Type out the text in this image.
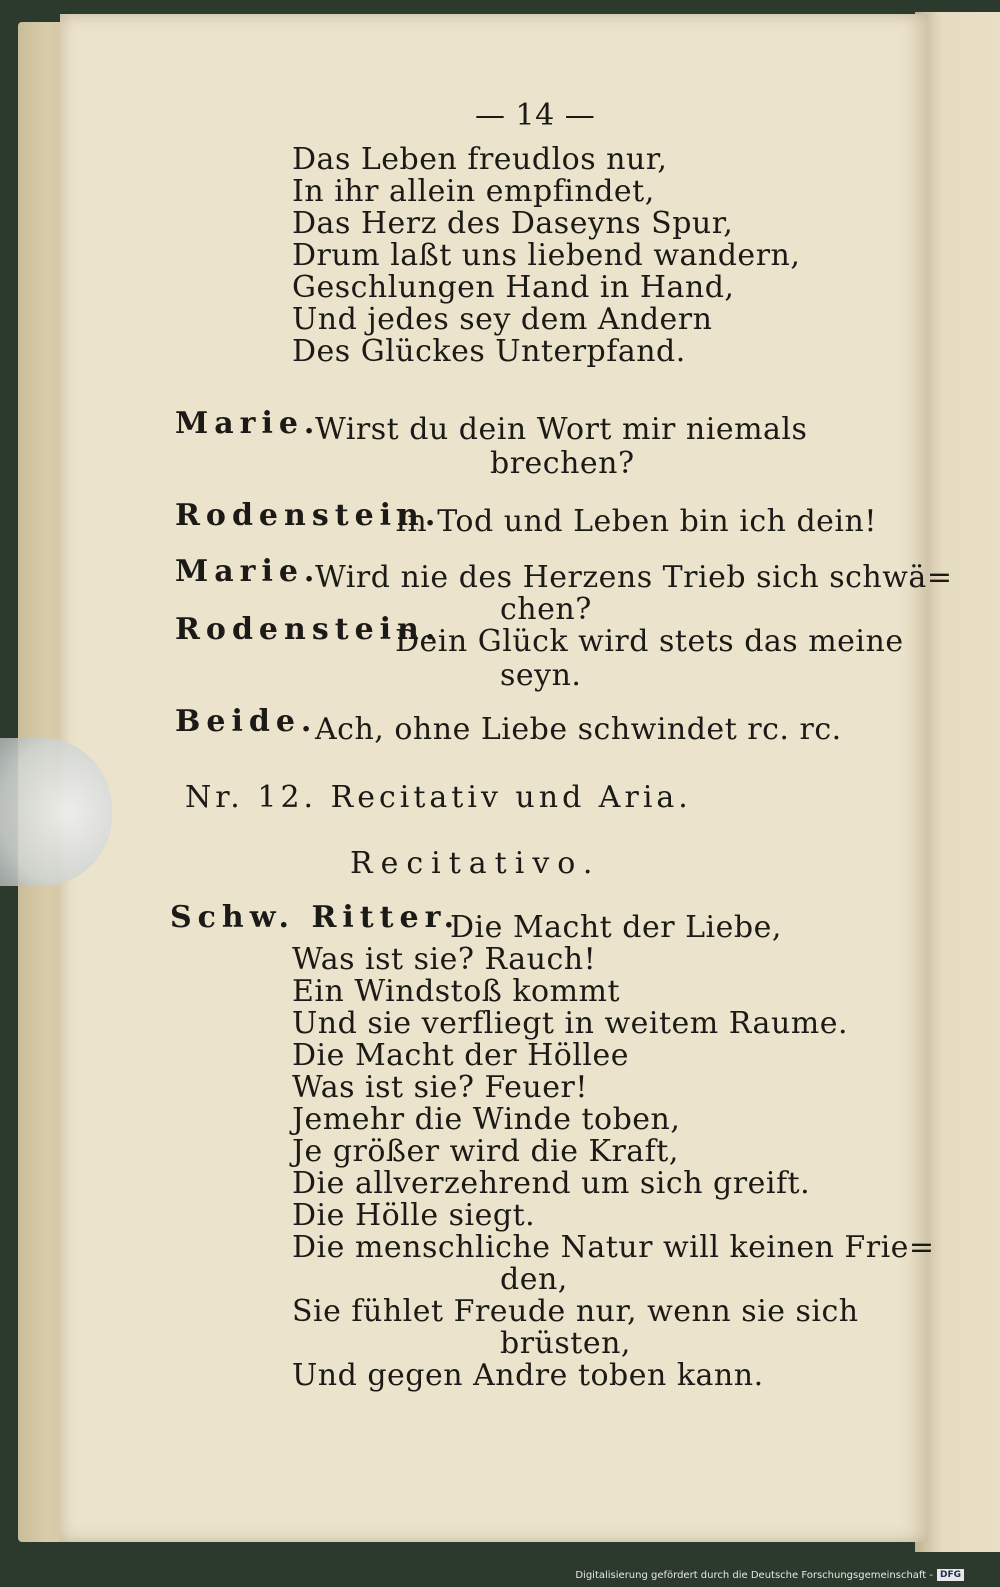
— 14 —
Das Leben freudlos nur,
In ihr allein empfindet,
Das Herz des Daseyns Spur,
Drum laßt uns liebend wandern,
Geschlungen Hand in Hand,
Und jedes sey dem Andern
Des Glückes Unterpfand.
Marie.
Wirst du dein Wort mir niemals
brechen?
Rodenstein.
In Tod und Leben bin ich dein!
Marie.
Wird nie des Herzens Trieb sich schwä=
chen?
Rodenstein.
Dein Glück wird stets das meine
seyn.
Beide.
Ach, ohne Liebe schwindet rc. rc.
Nr. 12. Recitativ und Aria.
Recitativo.
Schw. Ritter.
Die Macht der Liebe,
Was ist sie? Rauch!
Ein Windstoß kommt
Und sie verfliegt in weitem Raume.
Die Macht der Höllee
Was ist sie? Feuer!
Jemehr die Winde toben,
Je größer wird die Kraft,
Die allverzehrend um sich greift.
Die Hölle siegt.
Die menschliche Natur will keinen Frie=
den,
Sie fühlet Freude nur, wenn sie sich
brüsten,
Und gegen Andre toben kann.
Digitalisierung gefördert durch die Deutsche Forschungsgemeinschaft - DFG
